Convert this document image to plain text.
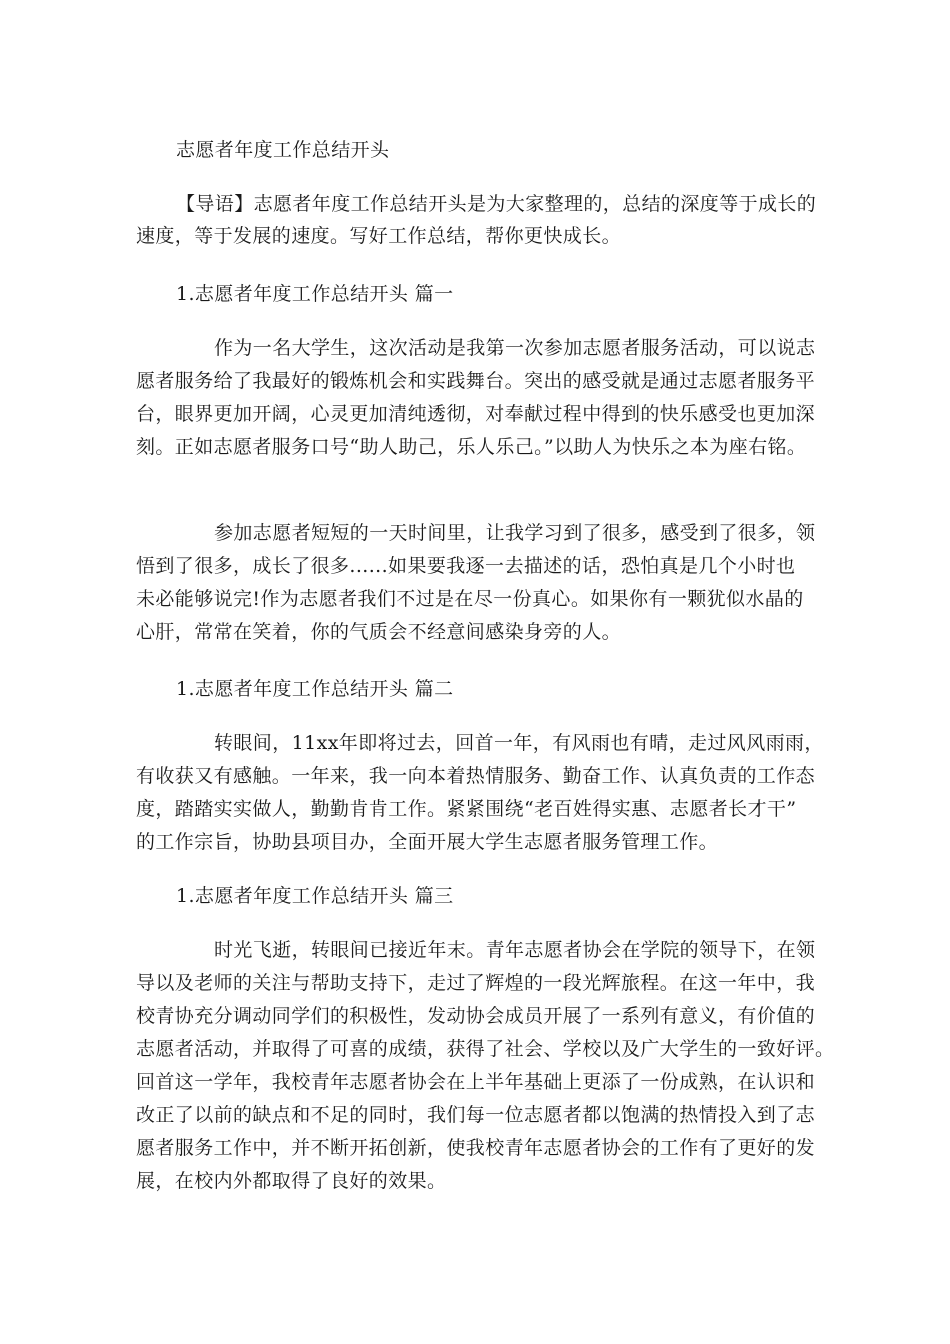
志愿者年度工作总结开头
【导语】志愿者年度工作总结开头是为大家整理的，总结的深度等于成长的
速度，等于发展的速度。写好工作总结，帮你更快成长。
1.志愿者年度工作总结开头 篇一
作为一名大学生，这次活动是我第一次参加志愿者服务活动，可以说志
愿者服务给了我最好的锻炼机会和实践舞台。突出的感受就是通过志愿者服务平
台，眼界更加开阔，心灵更加清纯透彻，对奉献过程中得到的快乐感受也更加深
刻。正如志愿者服务口号“助人助己，乐人乐己。”以助人为快乐之本为座右铭。
参加志愿者短短的一天时间里，让我学习到了很多，感受到了很多，领
悟到了很多，成长了很多......如果要我逐一去描述的话，恐怕真是几个小时也
未必能够说完!作为志愿者我们不过是在尽一份真心。如果你有一颗犹似水晶的
心肝，常常在笑着，你的气质会不经意间感染身旁的人。
1.志愿者年度工作总结开头 篇二
转眼间，11xx年即将过去，回首一年，有风雨也有晴，走过风风雨雨，
有收获又有感触。一年来，我一向本着热情服务、勤奋工作、认真负责的工作态
度，踏踏实实做人，勤勤肯肯工作。紧紧围绕“老百姓得实惠、志愿者长才干”
的工作宗旨，协助县项目办，全面开展大学生志愿者服务管理工作。
1.志愿者年度工作总结开头 篇三
时光飞逝，转眼间已接近年末。青年志愿者协会在学院的领导下，在领
导以及老师的关注与帮助支持下，走过了辉煌的一段光辉旅程。在这一年中，我
校青协充分调动同学们的积极性，发动协会成员开展了一系列有意义，有价值的
志愿者活动，并取得了可喜的成绩，获得了社会、学校以及广大学生的一致好评。
回首这一学年，我校青年志愿者协会在上半年基础上更添了一份成熟，在认识和
改正了以前的缺点和不足的同时，我们每一位志愿者都以饱满的热情投入到了志
愿者服务工作中，并不断开拓创新，使我校青年志愿者协会的工作有了更好的发
展，在校内外都取得了良好的效果。
